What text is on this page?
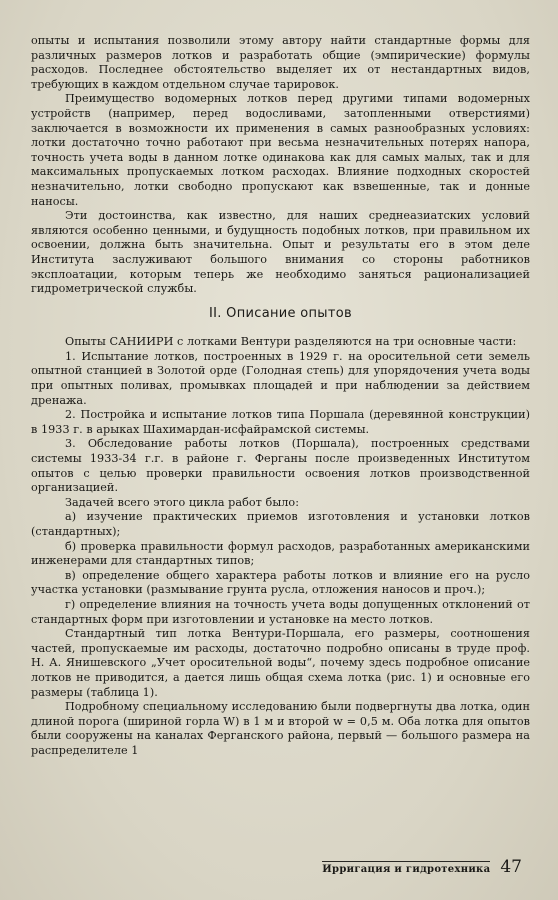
опыты и испытания позволили этому автору найти стандартные формы для различных размеров лотков и разработать общие (эмпирические) формулы расходов. Последнее обстоятельство выделяет их от нестандартных видов, требующих в каждом отдельном случае тарировок.

Преимущество водомерных лотков перед другими типами водомерных устройств (например, перед водосливами, затопленными отверстиями) заключается в возможности их применения в самых разнообразных условиях: лотки достаточно точно работают при весьма незначительных потерях напора, точность учета воды в данном лотке одинакова как для самых малых, так и для максимальных пропускаемых лотком расходах. Влияние подходных скоростей незначительно, лотки свободно пропускают как взвешенные, так и донные наносы.

Эти достоинства, как известно, для наших среднеазиатских условий являются особенно ценными, и будущность подобных лотков, при правильном их освоении, должна быть значительна. Опыт и результаты его в этом деле Института заслуживают большого внимания со стороны работников эксплоатации, которым теперь же необходимо заняться рационализацией гидрометрической службы.

II. Описание опытов

Опыты САНИИРИ с лотками Вентури разделяются на три основные части:

1. Испытание лотков, построенных в 1929 г. на оросительной сети земель опытной станцией в Золотой орде (Голодная степь) для упорядочения учета воды при опытных поливах, промывках площадей и при наблюдении за действием дренажа.

2. Постройка и испытание лотков типа Поршала (деревянной конструкции) в 1933 г. в арыках Шахимардан-исфайрамской системы.

3. Обследование работы лотков (Поршала), построенных средствами системы 1933-34 г.г. в районе г. Ферганы после произведенных Институтом опытов с целью проверки правильности освоения лотков производственной организацией.

Задачей всего этого цикла работ было:

а) изучение практических приемов изготовления и установки лотков (стандартных);

б) проверка правильности формул расходов, разработанных американскими инженерами для стандартных типов;

в) определение общего характера работы лотков и влияние его на русло участка установки (размывание грунта русла, отложения наносов и проч.);

г) определение влияния на точность учета воды допущенных отклонений от стандартных форм при изготовлении и установке на место лотков.

Стандартный тип лотка Вентури-Поршала, его размеры, соотношения частей, пропускаемые им расходы, достаточно подробно описаны в труде проф. Н. А. Янишевского „Учет оросительной воды“, почему здесь подробное описание лотков не приводится, а дается лишь общая схема лотка (рис. 1) и основные его размеры (таблица 1).

Подробному специальному исследованию были подвергнуты два лотка, один длиной порога (шириной горла W) в 1 м и второй w = 0,5 м. Оба лотка для опытов были сооружены на каналах Ферганского района, первый — большого размера на распределителе 1

Ирригация и гидротехника 47
